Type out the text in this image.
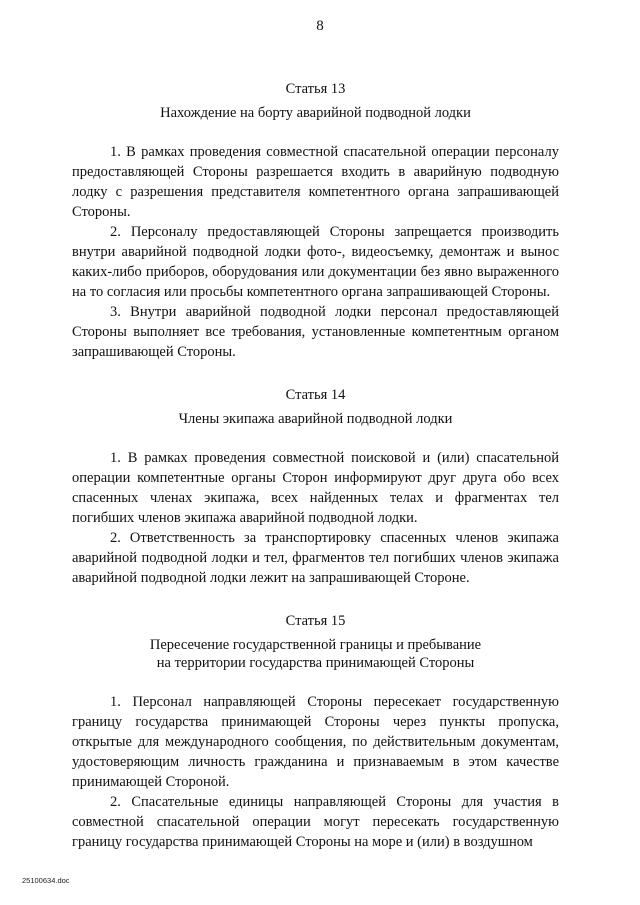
8

Статья 13

Нахождение на борту аварийной подводной лодки

1. В рамках проведения совместной спасательной операции персоналу предоставляющей Стороны разрешается входить в аварийную подводную лодку с разрешения представителя компетентного органа запрашивающей Стороны.

2. Персоналу предоставляющей Стороны запрещается производить внутри аварийной подводной лодки фото-, видеосъемку, демонтаж и вынос каких-либо приборов, оборудования или документации без явно выраженного на то согласия или просьбы компетентного органа запрашивающей Стороны.

3. Внутри аварийной подводной лодки персонал предоставляющей Стороны выполняет все требования, установленные компетентным органом запрашивающей Стороны.

Статья 14

Члены экипажа аварийной подводной лодки

1. В рамках проведения совместной поисковой и (или) спасательной операции компетентные органы Сторон информируют друг друга обо всех спасенных членах экипажа, всех найденных телах и фрагментах тел погибших членов экипажа аварийной подводной лодки.

2. Ответственность за транспортировку спасенных членов экипажа аварийной подводной лодки и тел, фрагментов тел погибших членов экипажа аварийной подводной лодки лежит на запрашивающей Стороне.

Статья 15

Пересечение государственной границы и пребывание

на территории государства принимающей Стороны

1. Персонал направляющей Стороны пересекает государственную границу государства принимающей Стороны через пункты пропуска, открытые для международного сообщения, по действительным документам, удостоверяющим личность гражданина и признаваемым в этом качестве принимающей Стороной.

2. Спасательные единицы направляющей Стороны для участия в совместной спасательной операции могут пересекать государственную границу государства принимающей Стороны на море и (или) в воздушном

25100634.doc
